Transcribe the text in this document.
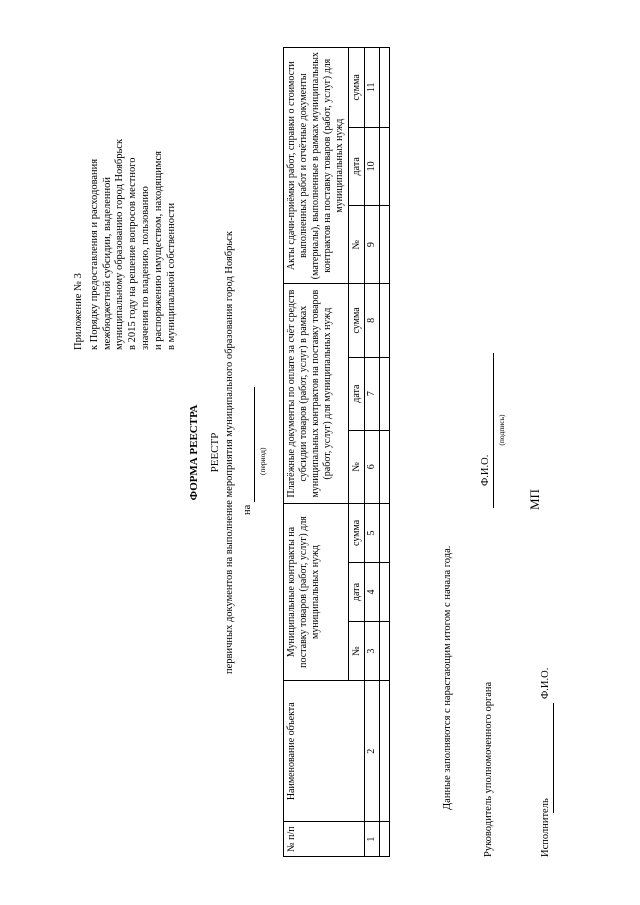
Приложение № 3 к Порядку предоставления и расходования межбюджетной субсидии, выделенной муниципальному образованию город Ноябрьск в 2015 году на решение вопросов местного значения по владению, пользованию и распоряжению имуществом, находящимся в муниципальной собственности
ФОРМА РЕЕСТРА РЕЕСТР первичных документов на выполнение мероприятия муниципального образования город Ноябрьск на
(период)
№ п/п	Наименование объекта	Муниципальные контракты на поставку товаров (работ, услуг) для муниципальных нужд			Платёжные документы по оплате за счёт средств субсидии товаров (работ, услуг) в рамках муниципальных контрактов на поставку товаров (работ, услуг) для муниципальных нужд			Акты сдачи-приёмки работ, справки о стоимости выполненных работ и отчётные документы (материалы), выполненные в рамках муниципальных контрактов на поставку товаров (работ, услуг) для муниципальных нужд		
		№	дата	сумма	№	дата	сумма	№	дата	сумма
1	2	3	4	5	6	7	8	9	10	11

Данные заполняются с нарастающим итогом с начала года.	Руководитель уполномоченного органа
(подпись)
Ф.И.О.
МП
Исполнитель
Ф.И.О.
